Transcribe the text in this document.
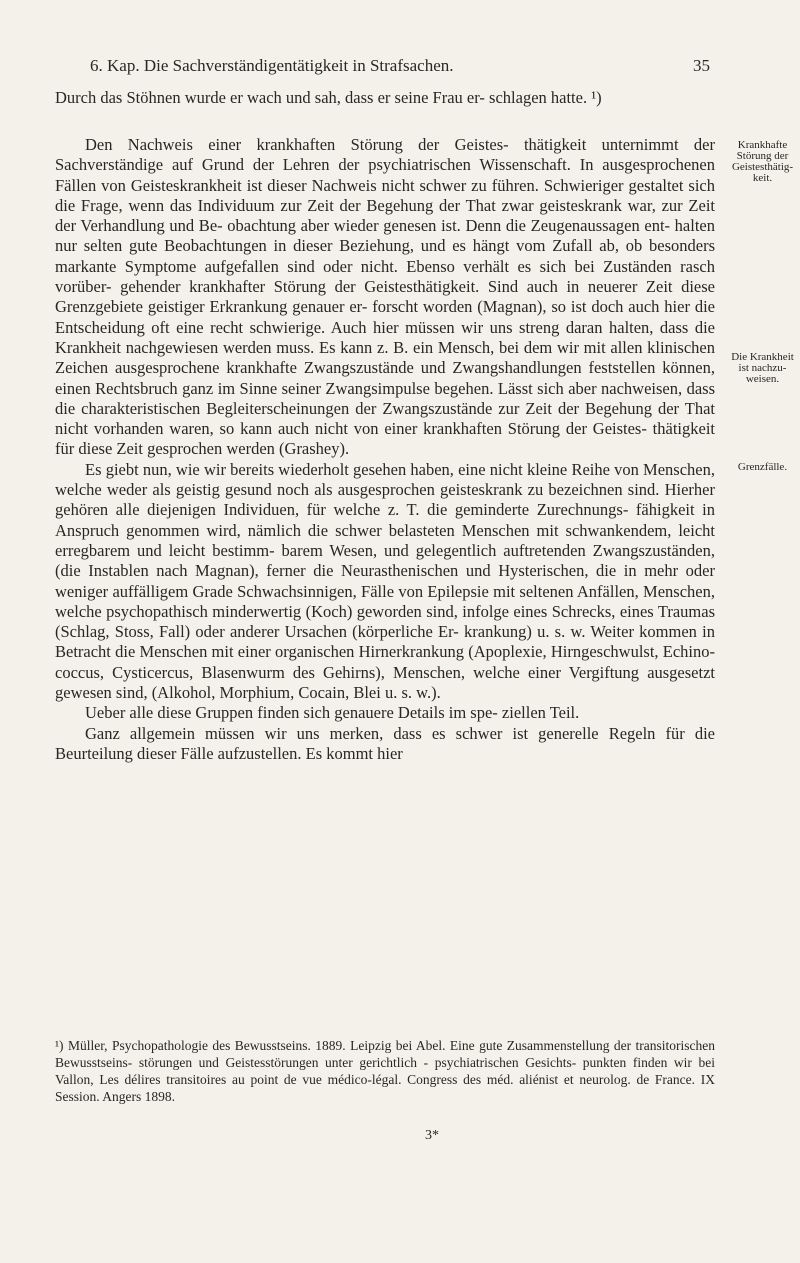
6. Kap. Die Sachverständigentätigkeit in Strafsachen.	35

Durch das Stöhnen wurde er wach und sah, dass er seine Frau er- schlagen hatte. ¹)

Den Nachweis einer krankhaften Störung der Geistes- thätigkeit unternimmt der Sachverständige auf Grund der Lehren der psychiatrischen Wissenschaft. In ausgesprochenen Fällen von Geisteskrankheit ist dieser Nachweis nicht schwer zu führen. Schwieriger gestaltet sich die Frage, wenn das Individuum zur Zeit der Begehung der That zwar geisteskrank war, zur Zeit der Verhandlung und Be- obachtung aber wieder genesen ist. Denn die Zeugenaussagen ent- halten nur selten gute Beobachtungen in dieser Beziehung, und es hängt vom Zufall ab, ob besonders markante Symptome aufgefallen sind oder nicht. Ebenso verhält es sich bei Zuständen rasch vorüber- gehender krankhafter Störung der Geistesthätigkeit. Sind auch in neuerer Zeit diese Grenzgebiete geistiger Erkrankung genauer er- forscht worden (Magnan), so ist doch auch hier die Entscheidung oft eine recht schwierige. Auch hier müssen wir uns streng daran halten, dass die Krankheit nachgewiesen werden muss. Es kann z. B. ein Mensch, bei dem wir mit allen klinischen Zeichen ausgesprochene krankhafte Zwangszustände und Zwangshandlungen feststellen können, einen Rechtsbruch ganz im Sinne seiner Zwangsimpulse begehen. Lässt sich aber nachweisen, dass die charakteristischen Begleiterscheinungen der Zwangszustände zur Zeit der Begehung der That nicht vorhanden waren, so kann auch nicht von einer krankhaften Störung der Geistes- thätigkeit für diese Zeit gesprochen werden (Grashey).

Es giebt nun, wie wir bereits wiederholt gesehen haben, eine nicht kleine Reihe von Menschen, welche weder als geistig gesund noch als ausgesprochen geisteskrank zu bezeichnen sind. Hierher gehören alle diejenigen Individuen, für welche z. T. die geminderte Zurechnungs- fähigkeit in Anspruch genommen wird, nämlich die schwer belasteten Menschen mit schwankendem, leicht erregbarem und leicht bestimm- barem Wesen, und gelegentlich auftretenden Zwangszuständen, (die Instablen nach Magnan), ferner die Neurasthenischen und Hysterischen, die in mehr oder weniger auffälligem Grade Schwachsinnigen, Fälle von Epilepsie mit seltenen Anfällen, Menschen, welche psychopathisch minderwertig (Koch) geworden sind, infolge eines Schrecks, eines Traumas (Schlag, Stoss, Fall) oder anderer Ursachen (körperliche Er- krankung) u. s. w. Weiter kommen in Betracht die Menschen mit einer organischen Hirnerkrankung (Apoplexie, Hirngeschwulst, Echino- coccus, Cysticercus, Blasenwurm des Gehirns), Menschen, welche einer Vergiftung ausgesetzt gewesen sind, (Alkohol, Morphium, Cocain, Blei u. s. w.).

Ueber alle diese Gruppen finden sich genauere Details im spe- ziellen Teil.

Ganz allgemein müssen wir uns merken, dass es schwer ist generelle Regeln für die Beurteilung dieser Fälle aufzustellen. Es kommt hier

Krankhafte Störung der Geistesthätig- keit.
Die Krankheit ist nachzu- weisen.
Grenzfälle.
¹) Müller, Psychopathologie des Bewusstseins. 1889. Leipzig bei Abel. Eine gute Zusammenstellung der transitorischen Bewusstseins- störungen und Geistesstörungen unter gerichtlich - psychiatrischen Gesichts- punkten finden wir bei Vallon, Les délires transitoires au point de vue médico-légal. Congress des méd. aliénist et neurolog. de France. IX Session. Angers 1898.
3*
